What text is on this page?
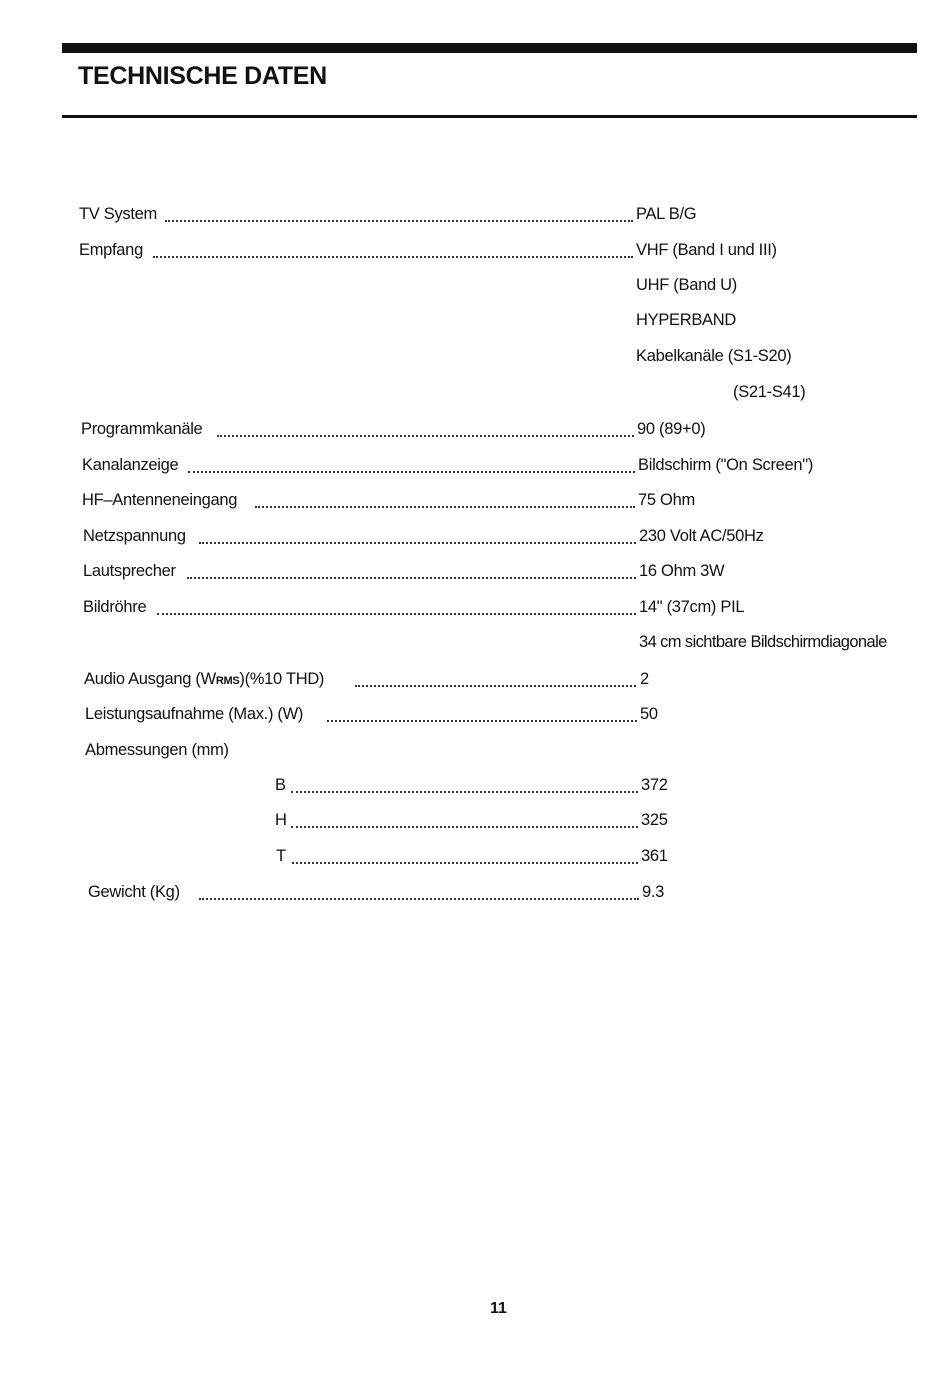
TECHNISCHE DATEN
TV System	PAL B/G
Empfang	VHF (Band I und III)
UHF (Band U)
HYPERBAND
Kabelkanäle (S1-S20)
(S21-S41)
Programmkanäle	90 (89+0)
Kanalanzeige	Bildschirm ("On Screen")
HF–Antenneneingang	75 Ohm
Netzspannung	230 Volt AC/50Hz
Lautsprecher	16 Ohm 3W
Bildröhre	14" (37cm) PIL
34 cm sichtbare Bildschirmdiagonale
Audio Ausgang (WRMS)(%10 THD)	2
Leistungsaufnahme (Max.) (W)	50
Abmessungen (mm)
B	372
H	325
T	361
Gewicht (Kg)	9.3
11
